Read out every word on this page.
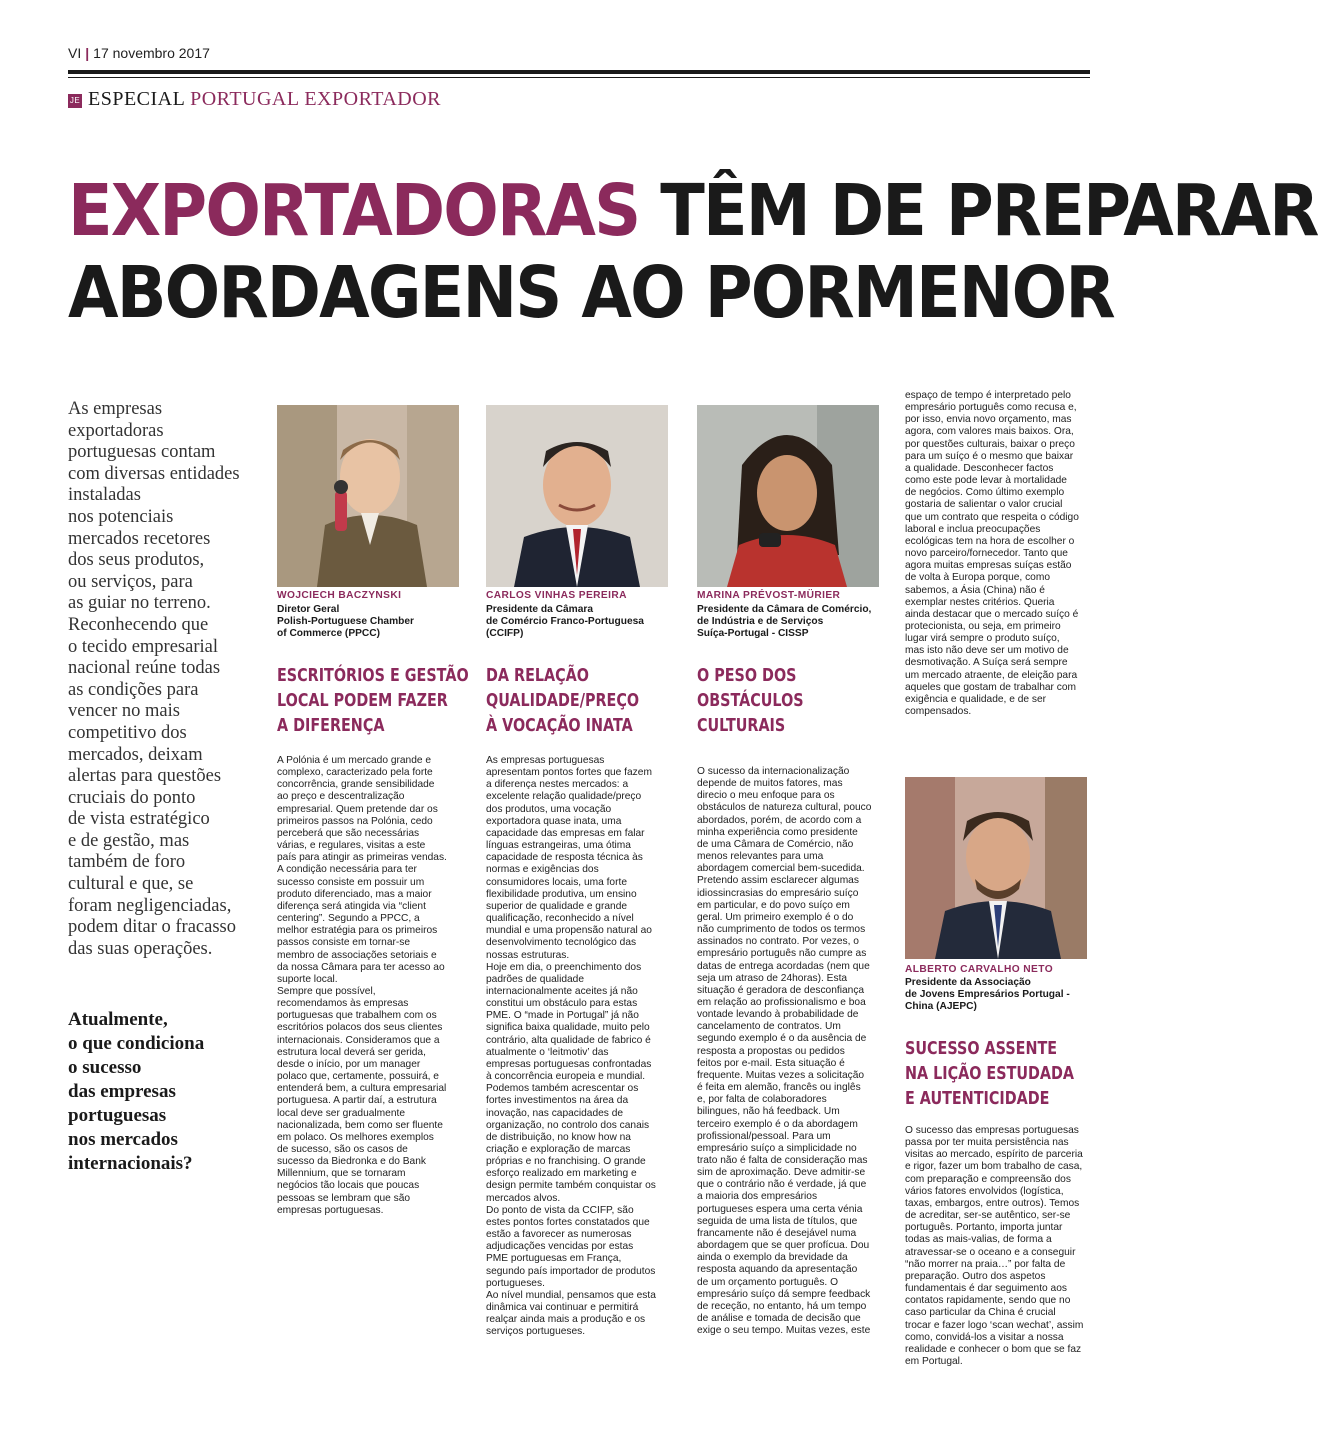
VI | 17 novembro 2017
JE ESPECIAL PORTUGAL EXPORTADOR
EXPORTADORAS TÊM DE PREPARAR
ABORDAGENS AO PORMENOR
As empresas
exportadoras
portuguesas contam
com diversas entidades
instaladas
nos potenciais
mercados recetores
dos seus produtos,
ou serviços, para
as guiar no terreno.
Reconhecendo que
o tecido empresarial
nacional reúne todas
as condições para
vencer no mais
competitivo dos
mercados, deixam
alertas para questões
cruciais do ponto
de vista estratégico
e de gestão, mas
também de foro
cultural e que, se
foram negligenciadas,
podem ditar o fracasso
das suas operações.
Atualmente,
o que condiciona
o sucesso
das empresas
portuguesas
nos mercados
internacionais?
WOJCIECH BACZYNSKI
Diretor Geral
Polish-Portuguese Chamber
of Commerce (PPCC)
ESCRITÓRIOS E GESTÃO
LOCAL PODEM FAZER
A DIFERENÇA
A Polónia é um mercado grande e
complexo, caracterizado pela forte
concorrência, grande sensibilidade
ao preço e descentralização
empresarial. Quem pretende dar os
primeiros passos na Polónia, cedo
perceberá que são necessárias
várias, e regulares, visitas a este
país para atingir as primeiras vendas.
A condição necessária para ter
sucesso consiste em possuir um
produto diferenciado, mas a maior
diferença será atingida via “client
centering”. Segundo a PPCC, a
melhor estratégia para os primeiros
passos consiste em tornar-se
membro de associações setoriais e
da nossa Câmara para ter acesso ao
suporte local.
Sempre que possível,
recomendamos às empresas
portuguesas que trabalhem com os
escritórios polacos dos seus clientes
internacionais. Consideramos que a
estrutura local deverá ser gerida,
desde o início, por um manager
polaco que, certamente, possuirá, e
entenderá bem, a cultura empresarial
portuguesa. A partir daí, a estrutura
local deve ser gradualmente
nacionalizada, bem como ser fluente
em polaco. Os melhores exemplos
de sucesso, são os casos de
sucesso da Biedronka e do Bank
Millennium, que se tornaram
negócios tão locais que poucas
pessoas se lembram que são
empresas portuguesas.
CARLOS VINHAS PEREIRA
Presidente da Câmara
de Comércio Franco-Portuguesa
(CCIFP)
DA RELAÇÃO
QUALIDADE/PREÇO
À VOCAÇÃO INATA
As empresas portuguesas
apresentam pontos fortes que fazem
a diferença nestes mercados: a
excelente relação qualidade/preço
dos produtos, uma vocação
exportadora quase inata, uma
capacidade das empresas em falar
línguas estrangeiras, uma ótima
capacidade de resposta técnica às
normas e exigências dos
consumidores locais, uma forte
flexibilidade produtiva, um ensino
superior de qualidade e grande
qualificação, reconhecido a nível
mundial e uma propensão natural ao
desenvolvimento tecnológico das
nossas estruturas.
Hoje em dia, o preenchimento dos
padrões de qualidade
internacionalmente aceites já não
constitui um obstáculo para estas
PME. O “made in Portugal” já não
significa baixa qualidade, muito pelo
contrário, alta qualidade de fabrico é
atualmente o ‘leitmotiv’ das
empresas portuguesas confrontadas
à concorrência europeia e mundial.
Podemos também acrescentar os
fortes investimentos na área da
inovação, nas capacidades de
organização, no controlo dos canais
de distribuição, no know how na
criação e exploração de marcas
próprias e no franchising. O grande
esforço realizado em marketing e
design permite também conquistar os
mercados alvos.
Do ponto de vista da CCIFP, são
estes pontos fortes constatados que
estão a favorecer as numerosas
adjudicações vencidas por estas
PME portuguesas em França,
segundo país importador de produtos
portugueses.
Ao nível mundial, pensamos que esta
dinâmica vai continuar e permitirá
realçar ainda mais a produção e os
serviços portugueses.
MARINA PRÉVOST-MÜRIER
Presidente da Câmara de Comércio,
de Indústria e de Serviços
Suíça-Portugal - CISSP
O PESO DOS
OBSTÁCULOS
CULTURAIS
O sucesso da internacionalização
depende de muitos fatores, mas
direcio o meu enfoque para os
obstáculos de natureza cultural, pouco
abordados, porém, de acordo com a
minha experiência como presidente
de uma Câmara de Comércio, não
menos relevantes para uma
abordagem comercial bem-sucedida.
Pretendo assim esclarecer algumas
idiossincrasias do empresário suíço
em particular, e do povo suíço em
geral. Um primeiro exemplo é o do
não cumprimento de todos os termos
assinados no contrato. Por vezes, o
empresário português não cumpre as
datas de entrega acordadas (nem que
seja um atraso de 24horas). Esta
situação é geradora de desconfiança
em relação ao profissionalismo e boa
vontade levando à probabilidade de
cancelamento de contratos. Um
segundo exemplo é o da ausência de
resposta a propostas ou pedidos
feitos por e-mail. Esta situação é
frequente. Muitas vezes a solicitação
é feita em alemão, francês ou inglês
e, por falta de colaboradores
bilingues, não há feedback. Um
terceiro exemplo é o da abordagem
profissional/pessoal. Para um
empresário suíço a simplicidade no
trato não é falta de consideração mas
sim de aproximação. Deve admitir-se
que o contrário não é verdade, já que
a maioria dos empresários
portugueses espera uma certa vénia
seguida de uma lista de títulos, que
francamente não é desejável numa
abordagem que se quer profícua. Dou
ainda o exemplo da brevidade da
resposta aquando da apresentação
de um orçamento português. O
empresário suíço dá sempre feedback
de receção, no entanto, há um tempo
de análise e tomada de decisão que
exige o seu tempo. Muitas vezes, este
espaço de tempo é interpretado pelo
empresário português como recusa e,
por isso, envia novo orçamento, mas
agora, com valores mais baixos. Ora,
por questões culturais, baixar o preço
para um suíço é o mesmo que baixar
a qualidade. Desconhecer factos
como este pode levar à mortalidade
de negócios. Como último exemplo
gostaria de salientar o valor crucial
que um contrato que respeita o código
laboral e inclua preocupações
ecológicas tem na hora de escolher o
novo parceiro/fornecedor. Tanto que
agora muitas empresas suíças estão
de volta à Europa porque, como
sabemos, a Ásia (China) não é
exemplar nestes critérios. Queria
ainda destacar que o mercado suíço é
protecionista, ou seja, em primeiro
lugar virá sempre o produto suíço,
mas isto não deve ser um motivo de
desmotivação. A Suíça será sempre
um mercado atraente, de eleição para
aqueles que gostam de trabalhar com
exigência e qualidade, e de ser
compensados.
ALBERTO CARVALHO NETO
Presidente da Associação
de Jovens Empresários Portugal -
China (AJEPC)
SUCESSO ASSENTE
NA LIÇÃO ESTUDADA
E AUTENTICIDADE
O sucesso das empresas portuguesas
passa por ter muita persistência nas
visitas ao mercado, espírito de parceria
e rigor, fazer um bom trabalho de casa,
com preparação e compreensão dos
vários fatores envolvidos (logística,
taxas, embargos, entre outros). Temos
de acreditar, ser-se autêntico, ser-se
português. Portanto, importa juntar
todas as mais-valias, de forma a
atravessar-se o oceano e a conseguir
“não morrer na praia…” por falta de
preparação. Outro dos aspetos
fundamentais é dar seguimento aos
contatos rapidamente, sendo que no
caso particular da China é crucial
trocar e fazer logo ‘scan wechat’, assim
como, convidá-los a visitar a nossa
realidade e conhecer o bom que se faz
em Portugal.
